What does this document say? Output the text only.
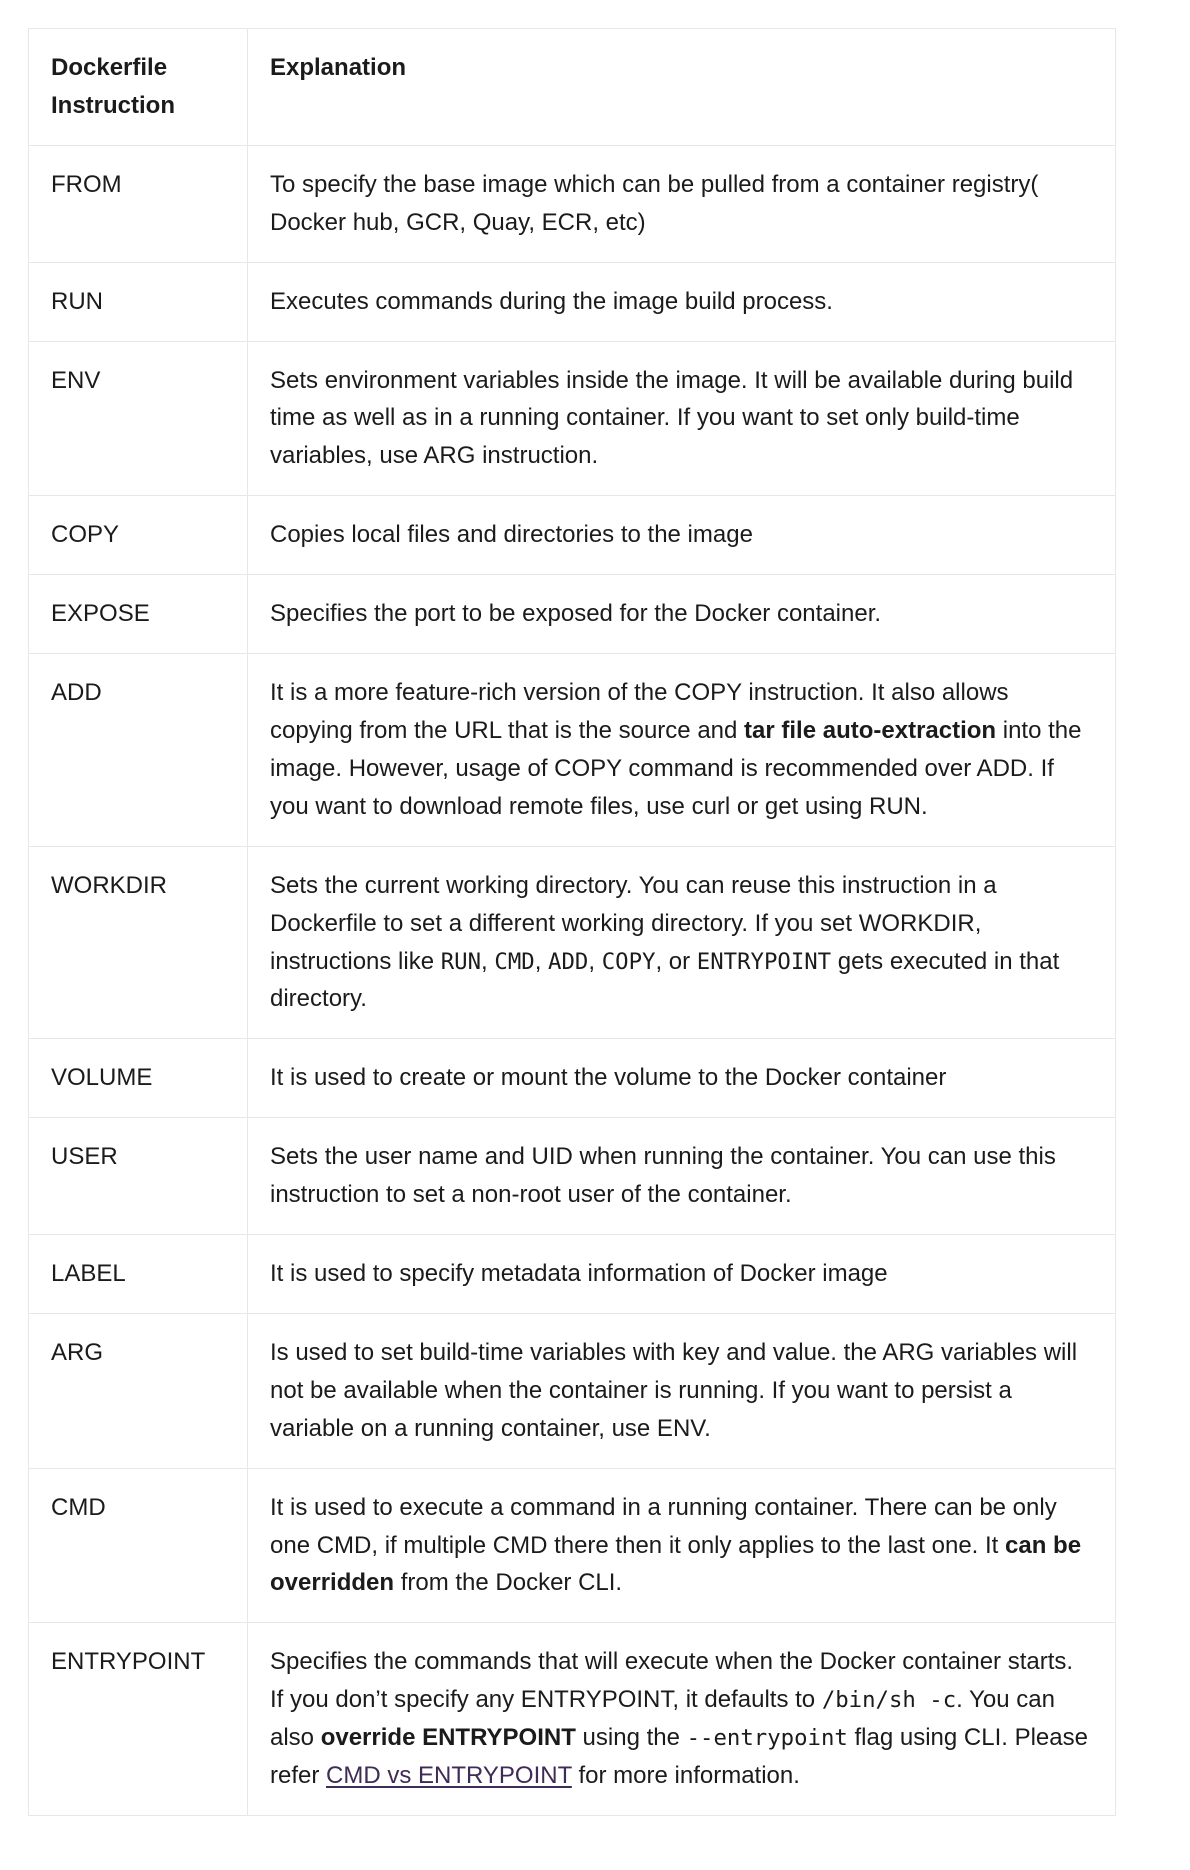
Dockerfile Instruction	Explanation
FROM	To specify the base image which can be pulled from a container registry( Docker hub, GCR, Quay, ECR, etc)
RUN	Executes commands during the image build process.
ENV	Sets environment variables inside the image. It will be available during build time as well as in a running container. If you want to set only build-time variables, use ARG instruction.
COPY	Copies local files and directories to the image
EXPOSE	Specifies the port to be exposed for the Docker container.
ADD	It is a more feature-rich version of the COPY instruction. It also allows copying from the URL that is the source and tar file auto-extraction into the image. However, usage of COPY command is recommended over ADD. If you want to download remote files, use curl or get using RUN.
WORKDIR	Sets the current working directory. You can reuse this instruction in a Dockerfile to set a different working directory. If you set WORKDIR, instructions like RUN, CMD, ADD, COPY, or ENTRYPOINT gets executed in that directory.
VOLUME	It is used to create or mount the volume to the Docker container
USER	Sets the user name and UID when running the container. You can use this instruction to set a non-root user of the container.
LABEL	It is used to specify metadata information of Docker image
ARG	Is used to set build-time variables with key and value. the ARG variables will not be available when the container is running. If you want to persist a variable on a running container, use ENV.
CMD	It is used to execute a command in a running container. There can be only one CMD, if multiple CMD there then it only applies to the last one. It can be overridden from the Docker CLI.
ENTRYPOINT	Specifies the commands that will execute when the Docker container starts. If you don’t specify any ENTRYPOINT, it defaults to /bin/sh -c. You can also override ENTRYPOINT using the --entrypoint flag using CLI. Please refer CMD vs ENTRYPOINT for more information.
